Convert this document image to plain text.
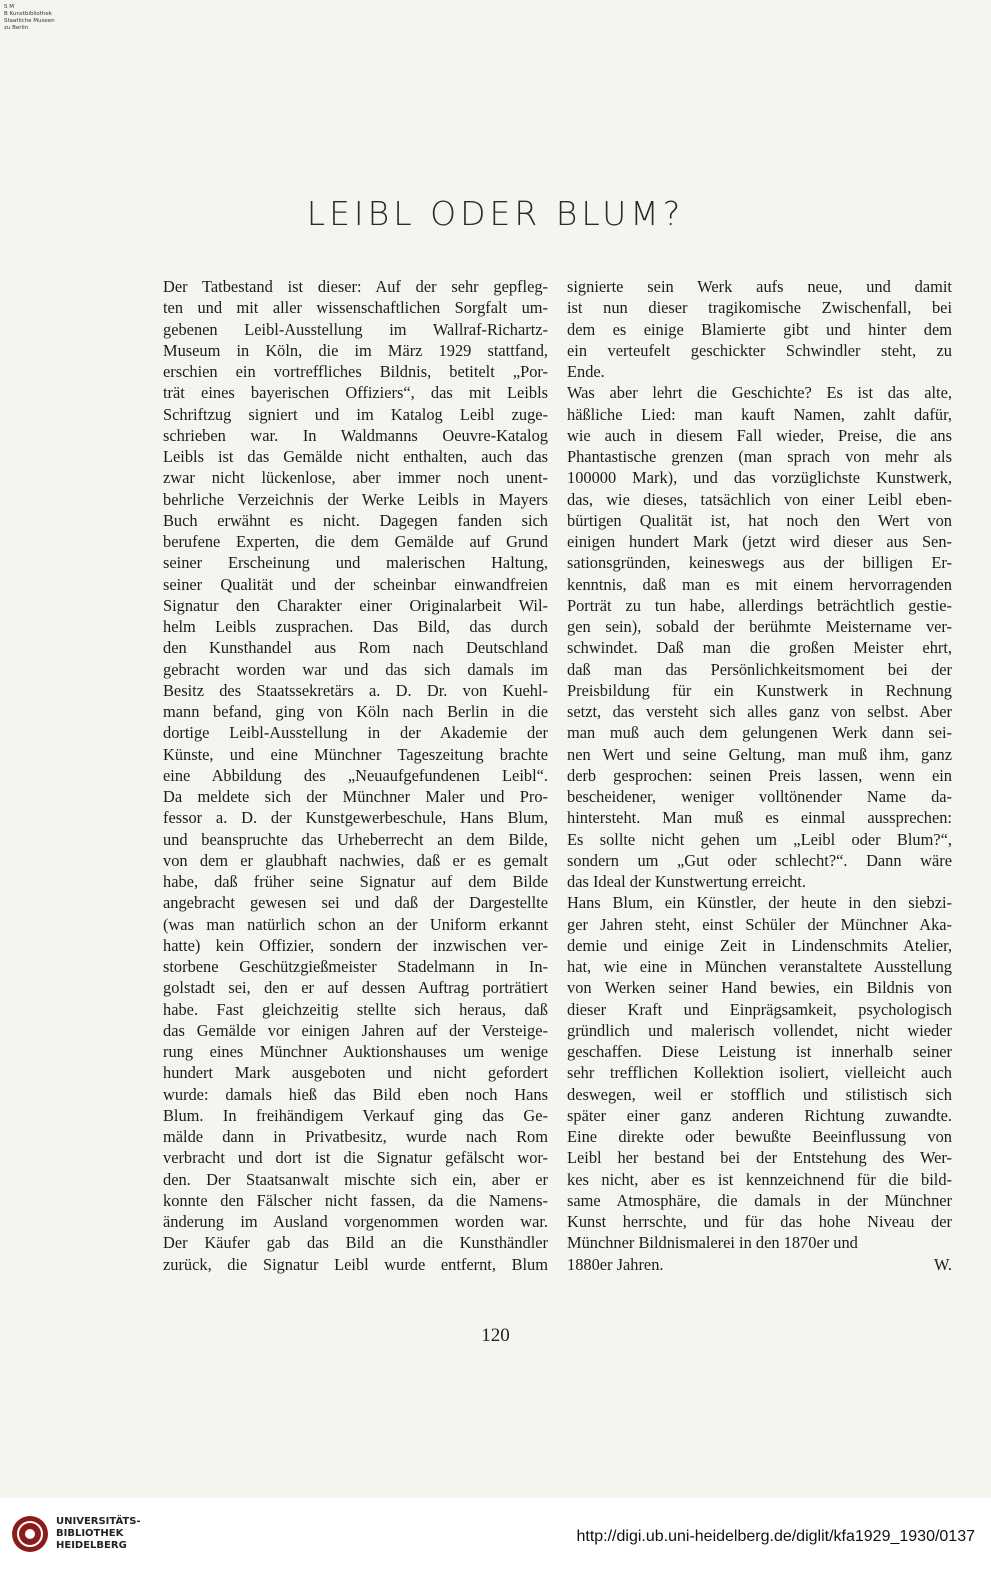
S M
B Kunstbibliothek
Staatliche Museen
zu Berlin
LEIBL ODER BLUM?
Der Tatbestand ist dieser: Auf der sehr gepfleg-
ten und mit aller wissenschaftlichen Sorgfalt um-
gebenen Leibl-Ausstellung im Wallraf-Richartz-
Museum in Köln, die im März 1929 stattfand,
erschien ein vortreffliches Bildnis, betitelt „Por-
trät eines bayerischen Offiziers“, das mit Leibls
Schriftzug signiert und im Katalog Leibl zuge-
schrieben war. In Waldmanns Oeuvre-Katalog
Leibls ist das Gemälde nicht enthalten, auch das
zwar nicht lückenlose, aber immer noch unent-
behrliche Verzeichnis der Werke Leibls in Mayers
Buch erwähnt es nicht. Dagegen fanden sich
berufene Experten, die dem Gemälde auf Grund
seiner Erscheinung und malerischen Haltung,
seiner Qualität und der scheinbar einwandfreien
Signatur den Charakter einer Originalarbeit Wil-
helm Leibls zusprachen. Das Bild, das durch
den Kunsthandel aus Rom nach Deutschland
gebracht worden war und das sich damals im
Besitz des Staatssekretärs a. D. Dr. von Kuehl-
mann befand, ging von Köln nach Berlin in die
dortige Leibl-Ausstellung in der Akademie der
Künste, und eine Münchner Tageszeitung brachte
eine Abbildung des „Neuaufgefundenen Leibl“.
Da meldete sich der Münchner Maler und Pro-
fessor a. D. der Kunstgewerbeschule, Hans Blum,
und beanspruchte das Urheberrecht an dem Bilde,
von dem er glaubhaft nachwies, daß er es gemalt
habe, daß früher seine Signatur auf dem Bilde
angebracht gewesen sei und daß der Dargestellte
(was man natürlich schon an der Uniform erkannt
hatte) kein Offizier, sondern der inzwischen ver-
storbene Geschützgießmeister Stadelmann in In-
golstadt sei, den er auf dessen Auftrag porträtiert
habe. Fast gleichzeitig stellte sich heraus, daß
das Gemälde vor einigen Jahren auf der Versteige-
rung eines Münchner Auktionshauses um wenige
hundert Mark ausgeboten und nicht gefordert
wurde: damals hieß das Bild eben noch Hans
Blum. In freihändigem Verkauf ging das Ge-
mälde dann in Privatbesitz, wurde nach Rom
verbracht und dort ist die Signatur gefälscht wor-
den. Der Staatsanwalt mischte sich ein, aber er
konnte den Fälscher nicht fassen, da die Namens-
änderung im Ausland vorgenommen worden war.
Der Käufer gab das Bild an die Kunsthändler
zurück, die Signatur Leibl wurde entfernt, Blum
signierte sein Werk aufs neue, und damit
ist nun dieser tragikomische Zwischenfall, bei
dem es einige Blamierte gibt und hinter dem
ein verteufelt geschickter Schwindler steht, zu
Ende.
Was aber lehrt die Geschichte? Es ist das alte,
häßliche Lied: man kauft Namen, zahlt dafür,
wie auch in diesem Fall wieder, Preise, die ans
Phantastische grenzen (man sprach von mehr als
100000 Mark), und das vorzüglichste Kunstwerk,
das, wie dieses, tatsächlich von einer Leibl eben-
bürtigen Qualität ist, hat noch den Wert von
einigen hundert Mark (jetzt wird dieser aus Sen-
sationsgründen, keineswegs aus der billigen Er-
kenntnis, daß man es mit einem hervorragenden
Porträt zu tun habe, allerdings beträchtlich gestie-
gen sein), sobald der berühmte Meistername ver-
schwindet. Daß man die großen Meister ehrt,
daß man das Persönlichkeitsmoment bei der
Preisbildung für ein Kunstwerk in Rechnung
setzt, das versteht sich alles ganz von selbst. Aber
man muß auch dem gelungenen Werk dann sei-
nen Wert und seine Geltung, man muß ihm, ganz
derb gesprochen: seinen Preis lassen, wenn ein
bescheidener, weniger volltönender Name da-
hintersteht. Man muß es einmal aussprechen:
Es sollte nicht gehen um „Leibl oder Blum?“,
sondern um „Gut oder schlecht?“. Dann wäre
das Ideal der Kunstwertung erreicht.
Hans Blum, ein Künstler, der heute in den siebzi-
ger Jahren steht, einst Schüler der Münchner Aka-
demie und einige Zeit in Lindenschmits Atelier,
hat, wie eine in München veranstaltete Ausstellung
von Werken seiner Hand bewies, ein Bildnis von
dieser Kraft und Einprägsamkeit, psychologisch
gründlich und malerisch vollendet, nicht wieder
geschaffen. Diese Leistung ist innerhalb seiner
sehr trefflichen Kollektion isoliert, vielleicht auch
deswegen, weil er stofflich und stilistisch sich
später einer ganz anderen Richtung zuwandte.
Eine direkte oder bewußte Beeinflussung von
Leibl her bestand bei der Entstehung des Wer-
kes nicht, aber es ist kennzeichnend für die bild-
same Atmosphäre, die damals in der Münchner
Kunst herrschte, und für das hohe Niveau der
Münchner Bildnismalerei in den 1870er und
1880er Jahren.	W.
120
UNIVERSITÄTS-
BIBLIOTHEK
HEIDELBERG
http://digi.ub.uni-heidelberg.de/diglit/kfa1929_1930/0137
